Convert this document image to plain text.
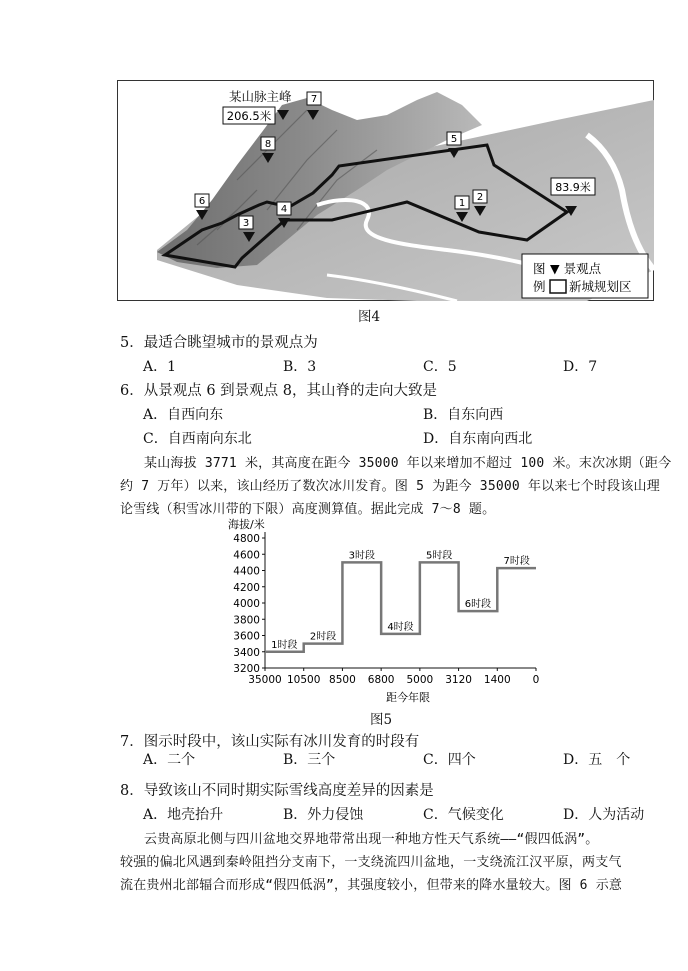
7
8
6
3
4
5
1
2
某山脉主峰
206.5米
83.9米
图
例
▼ 景观点
新城规划区
图4
5．最适合眺望城市的景观点为
A．1	B．3	C．5	D．7
6．从景观点 6 到景观点 8，其山脊的走向大致是
A．自西向东	B．自东向西
C．自西南向东北	D．自东南向西北
某山海拔 3771 米，其高度在距今 35000 年以来增加不超过 100 米。末次冰期（距今
约 7 万年）以来，该山经历了数次冰川发育。图 5 为距今 35000 年以来七个时段该山理
论雪线（积雪冰川带的下限）高度测算值。据此完成 7～8 题。
海拔/米
距今年限
3200
3400
3600
3800
4000
4200
4400
4600
4800
35000 10500 8500 6800 5000 3120 1400 0
1时段
2时段
3时段
4时段
5时段
6时段
7时段
图5
7．图示时段中，该山实际有冰川发育的时段有
A．二个	B．三个	C．四个	D．五　个
8．导致该山不同时期实际雪线高度差异的因素是
A．地壳抬升	B．外力侵蚀	C．气候变化	D．人为活动
云贵高原北侧与四川盆地交界地带常出现一种地方性天气系统——“假四低涡”。
较强的偏北风遇到秦岭阻挡分支南下，一支绕流四川盆地，一支绕流江汉平原，两支气
流在贵州北部辐合而形成“假四低涡”，其强度较小，但带来的降水量较大。图 6 示意
